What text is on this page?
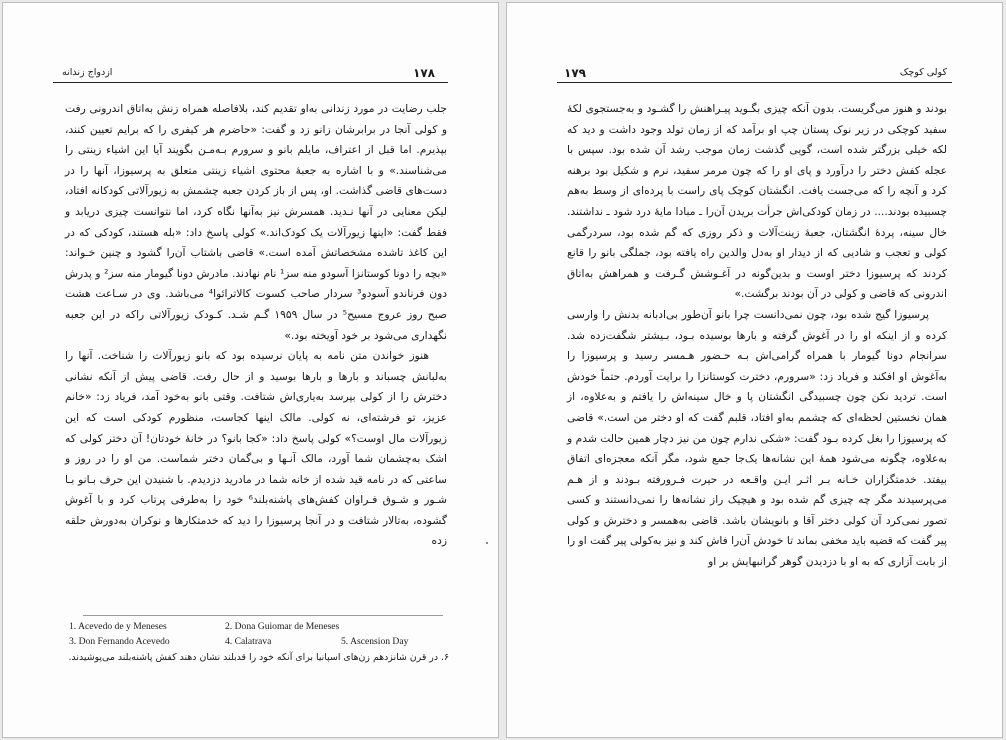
ازدواج زندانه	۱۷۸

جلب رضایت در مورد زندانی به‌او تقدیم کند، بلافاصله همراه زنش به‌اتاق اندرونی رفت و کولی آنجا در برابرشان زانو زد و گفت: «حاضرم هر کیفری را که برایم تعیین کنند، بپذیرم. اما قبل از اعتراف، مایلم بانو و سرورم بـه‌مـن بگویند آیا این اشیاء زینتی را می‌شناسند.» و با اشاره به جعبهٔ محتوی اشیاء زینتی متعلق به پرسیوزا، آنها را در دست‌های قاضی گذاشت. او، پس از باز کردن جعبه چشمش به زیورآلاتی کودکانه افتاد، لیکن معنایی در آنها نـدید. همسرش نیز به‌آنها نگاه کرد، اما نتوانست چیزی دریابد و فقط گفت: «اینها زیورآلات یک کودک‌اند.» کولی پاسخ داد: «بله هستند، کودکی که در این کاغذ تاشده مشخصاتش آمده است.» قاضی باشتاب آن‌را گشود و چنین خـواند: «بچه را دونا کوستانزا آسودو منه سز¹ نام نهادند. مادرش دونا گیومار منه سز² و پدرش دون فرناندو آسودو³ سردار صاحب کسوت کالاترائوا⁴ می‌باشد. وی در سـاعت هشت صبح روز عروج مسیح⁵ در سال ۱۹۵۹ گـم شـد. کـودک زیورآلاتی راکه در این جعبه نگهداری می‌شود بر خود آویخته بود.»

هنوز خواندن متن نامه به پایان نرسیده بود که بانو زیورآلات را شناخت. آنها را به‌لبانش چسباند و بارها و بارها بوسید و از حال رفت. قاضی پیش از آنکه نشانی دخترش را از کولی بپرسد به‌یاری‌اش شتافت. وقتی بانو به‌خود آمد، فریاد زد: «خانم عزیز، تو فرشته‌ای، نه کولی. مالک اینها کجاست، منظورم کودکی است که این زیورآلات مال اوست؟» کولی پاسخ داد: «کجا بانو؟ در خانهٔ خودتان! آن دختر کولی که اشک به‌چشمان شما آورد، مالک آنـها و بی‌گمان دختر شماست. من او را در روز و ساعتی که در نامه قید شده از خانه شما در مادرید دزدیدم. با شنیدن این حرف بـانو بـا شـور و شـوق فـراوان کفش‌های پاشنه‌بلند⁶ خود را به‌طرفی پرتاب کرد و با آغوش گشوده، به‌تالار شتافت و در آنجا پرسیوزا را دید که خدمتکارها و نوکران به‌دورش حلقه زده

1. Acevedo de y Meneses	2. Dona Guiomar de Meneses
3. Don Fernando Acevedo	4. Calatrava	5. Ascension Day
۶. در قرن شانزدهم زن‌های اسپانیا برای آنکه خود را قدبلند نشان دهند کفش پاشنه‌بلند می‌پوشیدند.
۱۷۹	کولی کوچک

بودند و هنوز می‌گریست. بدون آنکه چیزی بگـوید پیـراهنش را گشـود و به‌جستجوی لکهٔ سفید کوچکی در زیر نوک پستان چپ او برآمد که از زمان تولد وجود داشت و دید که لکه خیلی بزرگتر شده است، گویی گذشت زمان موجب رشد آن شده بود. سپس با عجله کفش دختر را درآورد و پای او را که چون مرمر سفید، نرم و شکیل بود برهنه کرد و آنچه را که می‌جست یافت. انگشتان کوچک پای راست با پرده‌ای از وسط به‌هم چسبیده بودند.... در زمان کودکی‌اش جرأت بریدن آن‌را ـ مبادا مایهٔ درد شود ـ نداشتند. خال سینه، پردهٔ انگشتان، جعبهٔ زینت‌آلات و ذکر روزی که گم شده بود، سردرگمی کولی و تعجب و شادیی که از دیدار او به‌دل والدین راه یافته بود، جملگی بانو را قانع کردند که پرسیوزا دختر اوست و بدین‌گونه در آغـوشش گـرفت و همراهش به‌اتاق اندرونی که قاضی و کولی در آن بودند برگشت.»

پرسیوزا گیج شده بود، چون نمی‌دانست چرا بانو آن‌طور بی‌ادبانه بدنش را وارسی کرده و از اینکه او را در آغوش گرفته و بارها بوسیده بـود، بـیشتر شگفت‌زده شد. سرانجام دونا گیومار با همراه گرامی‌اش بـه‌ حـضور هـمسر رسید و پرسیوزا را به‌آغوش او افکند و فریاد زد: «سرورم، دخترت کوستانزا را برایت آوردم. حتماً خودش است. تردید نکن چون چسبیدگی انگشتان پا و خال سینه‌اش را یافتم و به‌علاوه، از همان نخستین لحظه‌ای که چشمم به‌او افتاد، قلبم گفت که او دختر من است.» قاضی که پرسیوزا را بغل کرده بـود گفت: «شکی ندارم چون من نیز دچار همین حالت شدم و به‌علاوه، چگونه می‌شود همهٔ این نشانه‌ها یک‌جا جمع شود، مگر آنکه معجزه‌ای اتفاق بیفتد. خدمتگزاران خـانه بـر اثـر ایـن واقـعه در حیرت فـرورفته بـودند و از هـم می‌پرسیدند مگر چه چیزی گم شده بود و هیچیک راز نشانه‌ها را نمی‌دانستند و کسی تصور نمی‌کرد آن کولی دختر آقا و بانویشان باشد. قاضی به‌همسر و دخترش و کولی پیر گفت که قضیه باید مخفی بماند تا خودش آن‌را فاش کند و نیز به‌کولی پیر گفت او را از بابت آزاری که به او با دزدیدن گوهر گرانبهایش بر او
